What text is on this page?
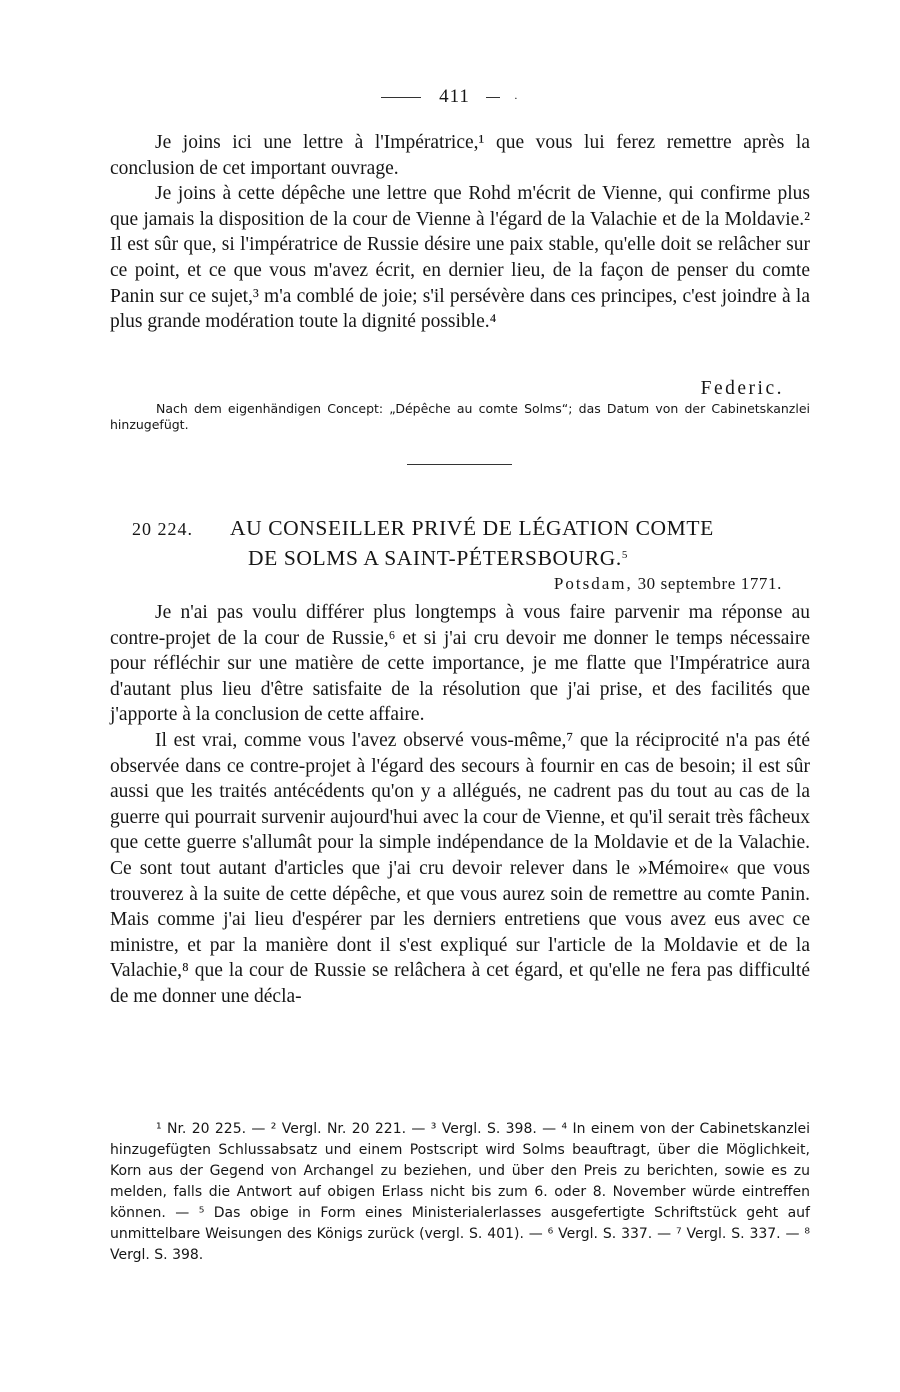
411	·

Je joins ici une lettre à l'Impératrice,¹ que vous lui ferez remettre après la conclusion de cet important ouvrage.

Je joins à cette dépêche une lettre que Rohd m'écrit de Vienne, qui confirme plus que jamais la disposition de la cour de Vienne à l'égard de la Valachie et de la Moldavie.² Il est sûr que, si l'impératrice de Russie désire une paix stable, qu'elle doit se relâcher sur ce point, et ce que vous m'avez écrit, en dernier lieu, de la façon de penser du comte Panin sur ce sujet,³ m'a comblé de joie; s'il persévère dans ces principes, c'est joindre à la plus grande modération toute la dignité possible.⁴

Federic.

Nach dem eigenhändigen Concept: „Dépêche au comte Solms“; das Datum von der Cabinetskanzlei hinzugefügt.

20 224. AU CONSEILLER PRIVÉ DE LÉGATION COMTE
DE SOLMS A SAINT-PÉTERSBOURG.$^5$
Potsdam, 30 septembre 1771.

Je n'ai pas voulu différer plus longtemps à vous faire parvenir ma réponse au contre-projet de la cour de Russie,⁶ et si j'ai cru devoir me donner le temps nécessaire pour réfléchir sur une matière de cette importance, je me flatte que l'Impératrice aura d'autant plus lieu d'être satisfaite de la résolution que j'ai prise, et des facilités que j'apporte à la conclusion de cette affaire.

Il est vrai, comme vous l'avez observé vous-même,⁷ que la réciprocité n'a pas été observée dans ce contre-projet à l'égard des secours à fournir en cas de besoin; il est sûr aussi que les traités antécédents qu'on y a allégués, ne cadrent pas du tout au cas de la guerre qui pourrait survenir aujourd'hui avec la cour de Vienne, et qu'il serait très fâcheux que cette guerre s'allumât pour la simple indépendance de la Moldavie et de la Valachie. Ce sont tout autant d'articles que j'ai cru devoir relever dans le »Mémoire« que vous trouverez à la suite de cette dépêche, et que vous aurez soin de remettre au comte Panin. Mais comme j'ai lieu d'espérer par les derniers entretiens que vous avez eus avec ce ministre, et par la manière dont il s'est expliqué sur l'article de la Moldavie et de la Valachie,⁸ que la cour de Russie se relâchera à cet égard, et qu'elle ne fera pas difficulté de me donner une décla-

¹ Nr. 20 225. — ² Vergl. Nr. 20 221. — ³ Vergl. S. 398. — ⁴ In einem von der Cabinetskanzlei hinzugefügten Schlussabsatz und einem Postscript wird Solms beauftragt, über die Möglichkeit, Korn aus der Gegend von Archangel zu beziehen, und über den Preis zu berichten, sowie es zu melden, falls die Antwort auf obigen Erlass nicht bis zum 6. oder 8. November würde eintreffen können. — ⁵ Das obige in Form eines Ministerialerlasses ausgefertigte Schriftstück geht auf unmittelbare Weisungen des Königs zurück (vergl. S. 401). — ⁶ Vergl. S. 337. — ⁷ Vergl. S. 337. — ⁸ Vergl. S. 398.
